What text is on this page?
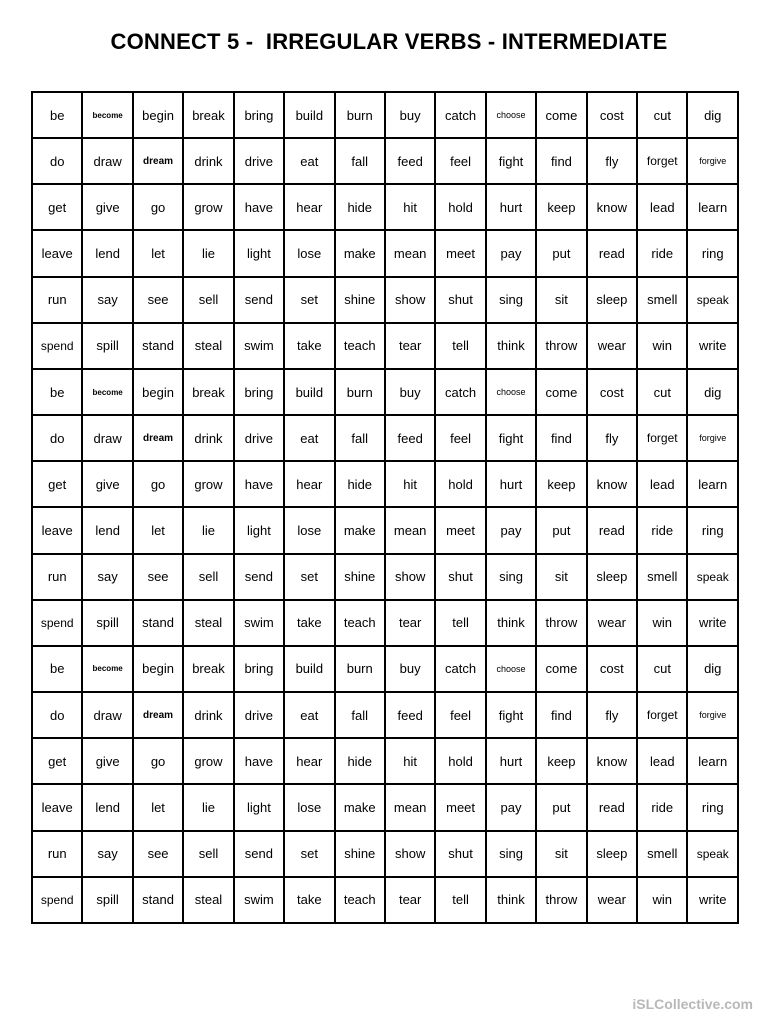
CONNECT 5 -  IRREGULAR VERBS - INTERMEDIATE
be	become	begin	break	bring	build	burn	buy	catch	choose	come	cost	cut	dig
do	draw	dream	drink	drive	eat	fall	feed	feel	fight	find	fly	forget	forgive
get	give	go	grow	have	hear	hide	hit	hold	hurt	keep	know	lead	learn
leave	lend	let	lie	light	lose	make	mean	meet	pay	put	read	ride	ring
run	say	see	sell	send	set	shine	show	shut	sing	sit	sleep	smell	speak
spend	spill	stand	steal	swim	take	teach	tear	tell	think	throw	wear	win	write
be	become	begin	break	bring	build	burn	buy	catch	choose	come	cost	cut	dig
do	draw	dream	drink	drive	eat	fall	feed	feel	fight	find	fly	forget	forgive
get	give	go	grow	have	hear	hide	hit	hold	hurt	keep	know	lead	learn
leave	lend	let	lie	light	lose	make	mean	meet	pay	put	read	ride	ring
run	say	see	sell	send	set	shine	show	shut	sing	sit	sleep	smell	speak
spend	spill	stand	steal	swim	take	teach	tear	tell	think	throw	wear	win	write
be	become	begin	break	bring	build	burn	buy	catch	choose	come	cost	cut	dig
do	draw	dream	drink	drive	eat	fall	feed	feel	fight	find	fly	forget	forgive
get	give	go	grow	have	hear	hide	hit	hold	hurt	keep	know	lead	learn
leave	lend	let	lie	light	lose	make	mean	meet	pay	put	read	ride	ring
run	say	see	sell	send	set	shine	show	shut	sing	sit	sleep	smell	speak
spend	spill	stand	steal	swim	take	teach	tear	tell	think	throw	wear	win	write
iSLCollective.com
